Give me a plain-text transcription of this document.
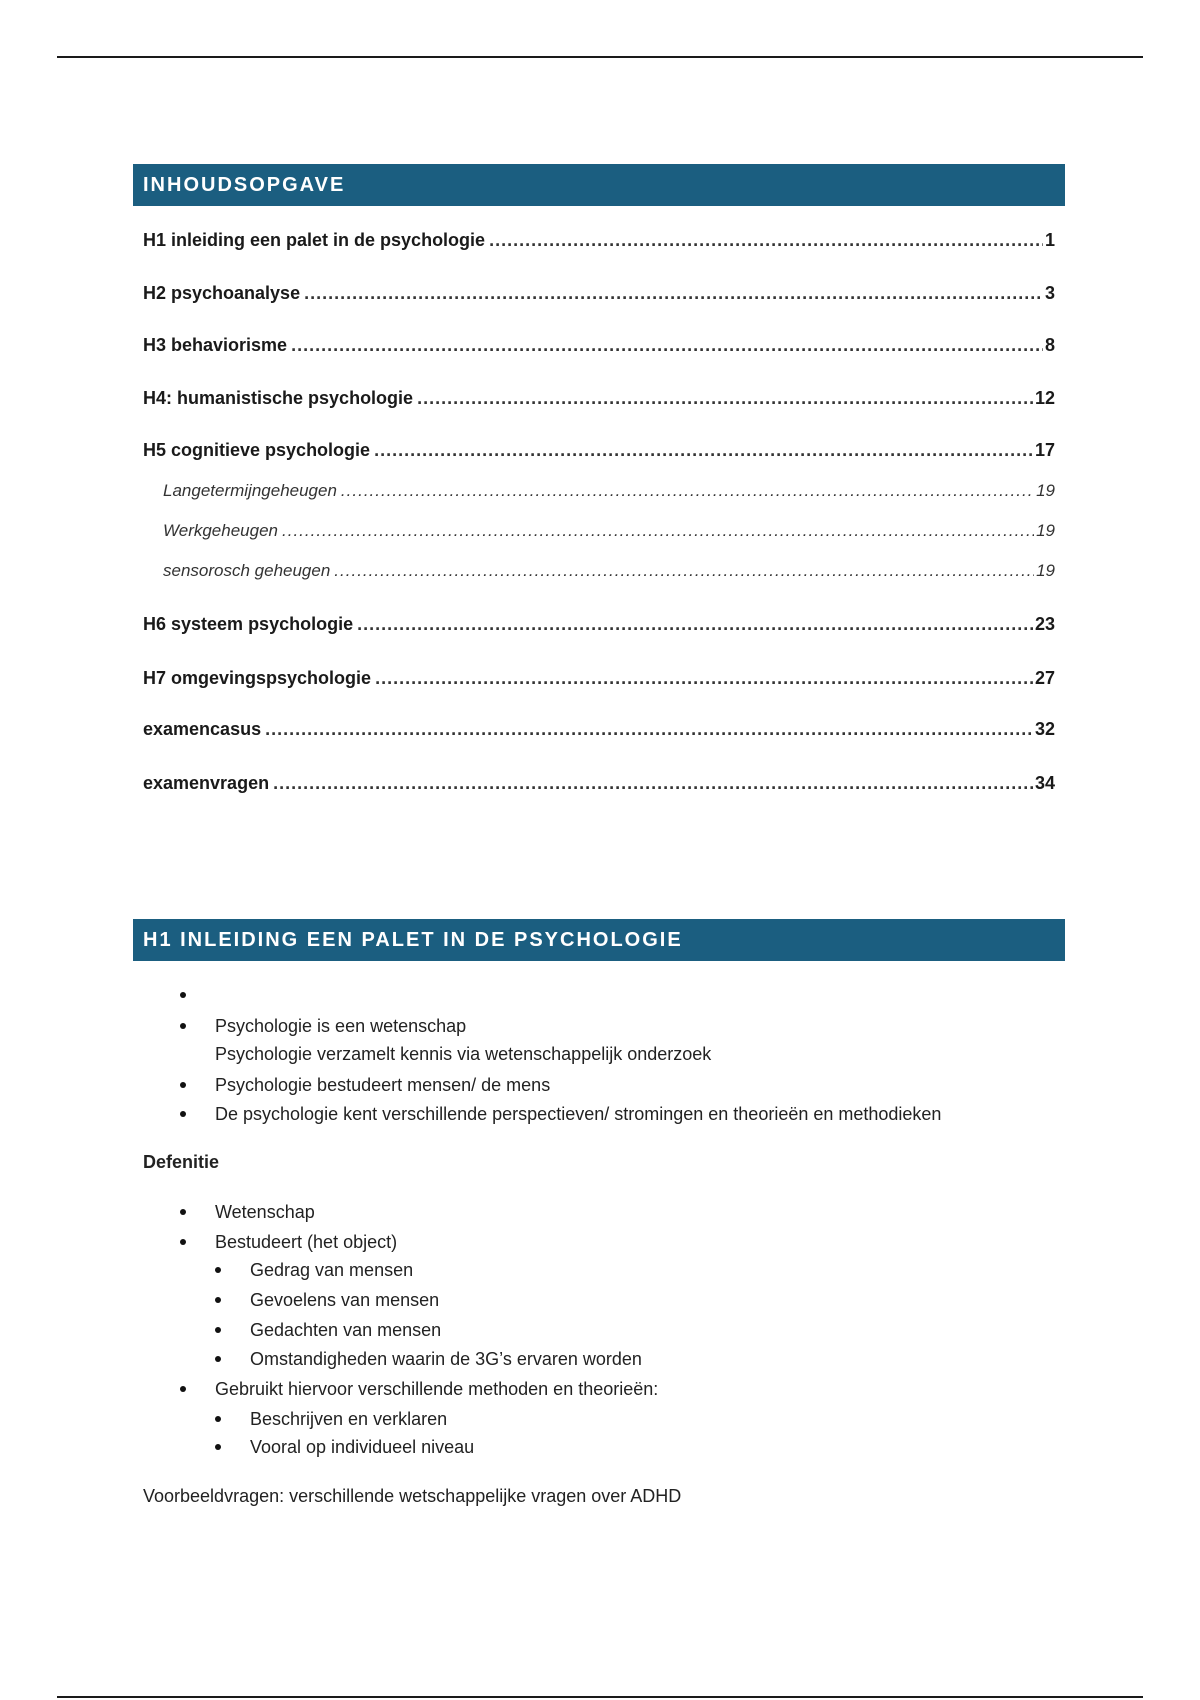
INHOUDSOPGAVE
H1 inleiding een palet in de psychologie .....	1
H2 psychoanalyse .....	3
H3 behaviorisme .....	8
H4: humanistische psychologie .....	12
H5 cognitieve psychologie .....	17
Langetermijngeheugen .....	19
Werkgeheugen .....	19
sensorosch geheugen .....	19
H6 systeem psychologie .....	23
H7 omgevingspsychologie .....	27
examencasus .....	32
examenvragen .....	34
H1 INLEIDING EEN PALET IN DE PSYCHOLOGIE
Psychologie is een wetenschap
Psychologie verzamelt kennis via wetenschappelijk onderzoek
Psychologie bestudeert mensen/ de mens
De psychologie kent verschillende perspectieven/ stromingen en theorieën en methodieken
Defenitie
Wetenschap
Bestudeert (het object)
Gedrag van mensen
Gevoelens van mensen
Gedachten van mensen
Omstandigheden waarin de 3G’s ervaren worden
Gebruikt hiervoor verschillende methoden en theorieën:
Beschrijven en verklaren
Vooral op individueel niveau
Voorbeeldvragen: verschillende wetschappelijke vragen over ADHD
